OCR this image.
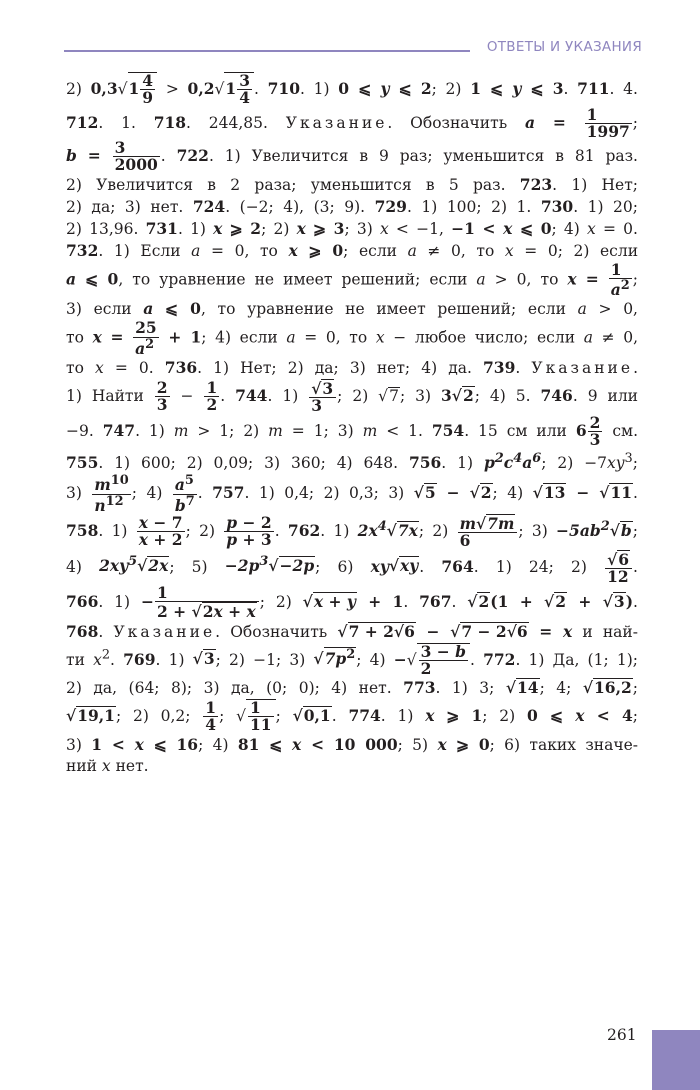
ОТВЕТЫ И УКАЗАНИЯ
2) $0,3√1 \frac{4}{9} > 0,2√1 \frac{3}{4}$ . 710. 1) 0 ⩽ y ⩽ 2; 2) 1 ⩽ y ⩽ 3. 711. 4.
712. 1. 718. 244,85. Указание. Обозначить $a = \frac{1}{1997}$ ;
$b = \frac{3}{2000}$ . 722. 1) Увеличится в 9 раз; уменьшится в 81 раз.
2) Увеличится в 2 раза; уменьшится в 5 раз. 723. 1) Нет;
2) да; 3) нет. 724. (−2; 4), (3; 9). 729. 1) 100; 2) 1. 730. 1) 20;
2) 13,96. 731. 1) x ⩾ 2; 2) x ⩾ 3; 3) x < −1, −1 < x ⩽ 0; 4) x = 0.
732. 1) Если a = 0, то x ⩾ 0; если a ≠ 0, то x = 0; 2) если
a ⩽ 0, то уравнение не имеет решений; если a > 0, то $x = \frac{1}{a^2}$ ;
3) если a ⩽ 0, то уравнение не имеет решений; если a > 0,
то $x = \frac{25}{a^2} + 1$; 4) если a = 0, то x − любое число; если a ≠ 0,
то x = 0. 736. 1) Нет; 2) да; 3) нет; 4) да. 739. Указание.
1) Найти $\frac{2}{3} - \frac{1}{2}$ . 744. $1) \frac{√3}{3}$ ; 2) √7; 3) 3√2; 4) 5. 746. 9 или
−9. 747. 1) m > 1; 2) m = 1; 3) m < 1. 754. 15 см или $6 \frac{2}{3}$ см.
755. 1) 600; 2) 0,09; 3) 360; 4) 648. 756. 1) $p^2c^4a^6$; $2) -7xy^3$;
$3) \frac{m^{10}}{n^{12}}$ ; $4) \frac{a^5}{b^7}$ . 757. 1) 0,4; 2) 0,3; 3) √5 − √2; 4) √13 − √11.
758. $1) \frac{x - 7}{x + 2}$ ; $2) \frac{p - 2}{p + 3}$ . 762. 1) $2x^4√7x$; $2) \frac{m√7m}{6}$ ; $3) -5ab^2√b$;
4) $2xy^5√2x$; $5) -2p^3√-2p$; 6) xy√xy. 764. 1) 24; $2) \frac{√6}{12}$ .
766. $1) - \frac{1}{2 + √2x + x}$ ; 2) √x + y + 1. 767. √2(1 + √2 + √3).
768. Указание. Обозначить √7 + 2√6 − √7 − 2√6 = x и най-
ти $x^2$. 769. 1) √3; 2) −1; 3) $√7p^2$; 4) −√ $\frac{3 - b}{2}$ . 772. 1) Да, (1; 1);
2) да, (64; 8); 3) да, (0; 0); 4) нет. 773. 1) 3; √14; 4; √16,2;
√19,1; 2) 0,2; $\frac{1}{4}$ ; √ $\frac{1}{11}$ ; √0,1. 774. 1) x ⩾ 1; 2) 0 ⩽ x < 4;
3) 1 < x ⩽ 16; 4) 81 ⩽ x < 10 000; 5) x ⩾ 0; 6) таких значе-
ний x нет.
261
